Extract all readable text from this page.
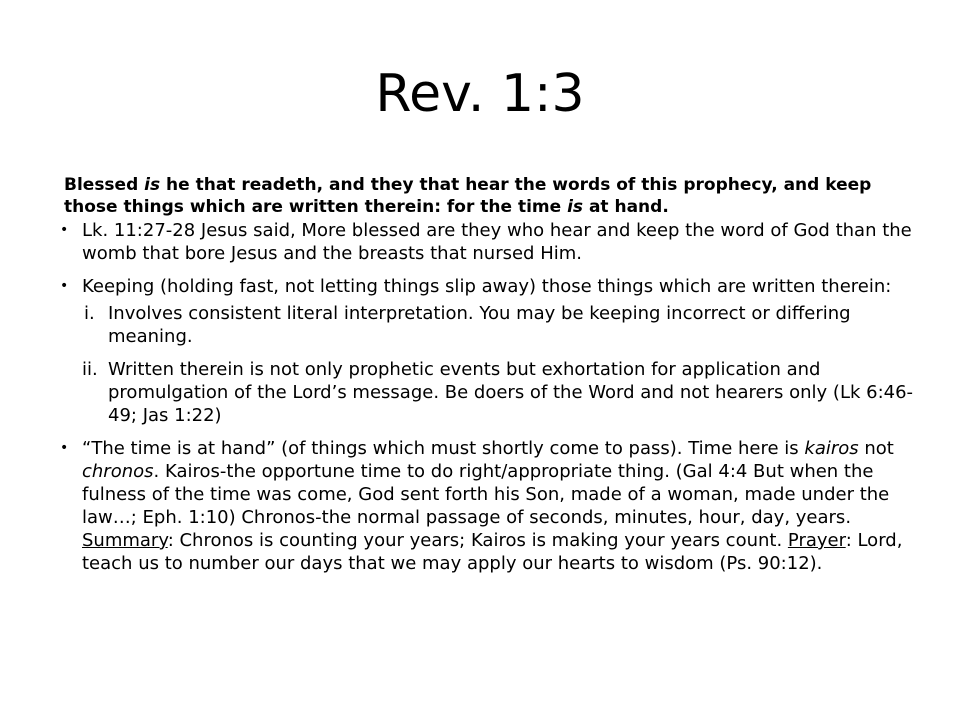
Rev. 1:3
Blessed is he that readeth, and they that hear the words of this prophecy, and keep those things which are written therein: for the time is at hand.
• Lk. 11:27-28 Jesus said, More blessed are they who hear and keep the word of God than the womb that bore Jesus and the breasts that nursed Him.
• Keeping (holding fast, not letting things slip away) those things which are written therein:
i. Involves consistent literal interpretation. You may be keeping incorrect or differing meaning.
ii. Written therein is not only prophetic events but exhortation for application and promulgation of the Lord’s message. Be doers of the Word and not hearers only (Lk 6:46-49; Jas 1:22)
• “The time is at hand” (of things which must shortly come to pass). Time here is kairos not chronos. Kairos-the opportune time to do right/appropriate thing. (Gal 4:4 But when the fulness of the time was come, God sent forth his Son, made of a woman, made under the law…; Eph. 1:10) Chronos-the normal passage of seconds, minutes, hour, day, years. Summary: Chronos is counting your years; Kairos is making your years count. Prayer: Lord, teach us to number our days that we may apply our hearts to wisdom (Ps. 90:12).
